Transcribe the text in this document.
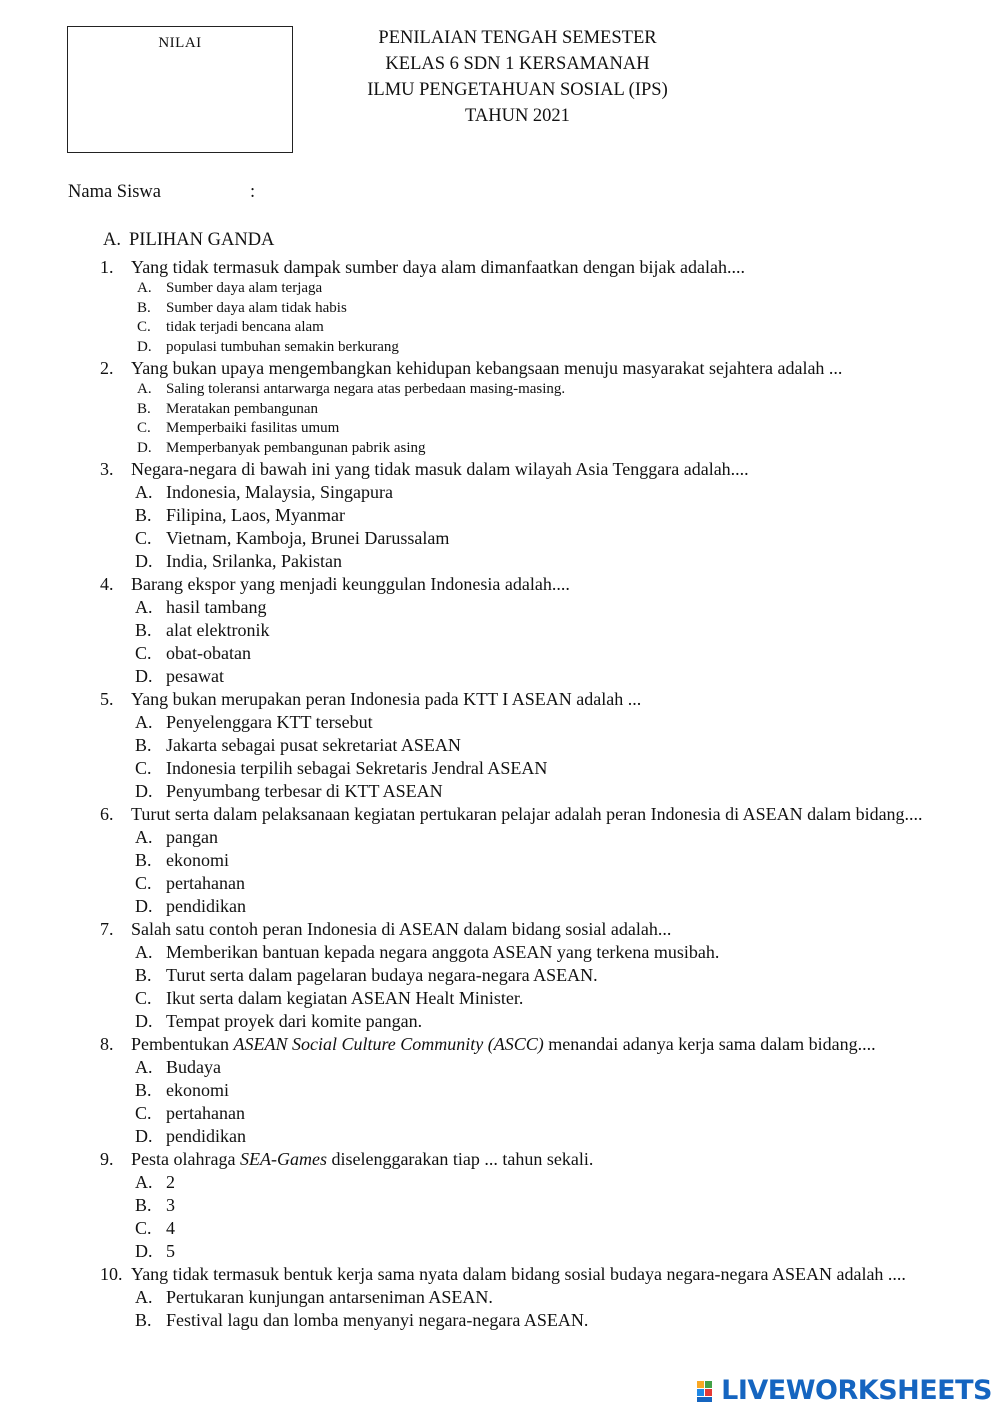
NILAI	PENILAIAN TENGAH SEMESTER
KELAS 6 SDN 1 KERSAMANAH
ILMU PENGETAHUAN SOSIAL (IPS)
TAHUN 2021
Nama Siswa	:
A. PILIHAN GANDA
1. Yang tidak termasuk dampak sumber daya alam dimanfaatkan dengan bijak adalah....
A. Sumber daya alam terjaga
B. Sumber daya alam tidak habis
C. tidak terjadi bencana alam
D. populasi tumbuhan semakin berkurang
2. Yang bukan upaya mengembangkan kehidupan kebangsaan menuju masyarakat sejahtera adalah ...
A. Saling toleransi antarwarga negara atas perbedaan masing-masing.
B. Meratakan pembangunan
C. Memperbaiki fasilitas umum
D. Memperbanyak pembangunan pabrik asing
3. Negara-negara di bawah ini yang tidak masuk dalam wilayah Asia Tenggara adalah....
A. Indonesia, Malaysia, Singapura
B. Filipina, Laos, Myanmar
C. Vietnam, Kamboja, Brunei Darussalam
D. India, Srilanka, Pakistan
4. Barang ekspor yang menjadi keunggulan Indonesia adalah....
A. hasil tambang
B. alat elektronik
C. obat-obatan
D. pesawat
5. Yang bukan merupakan peran Indonesia pada KTT I ASEAN adalah ...
A. Penyelenggara KTT tersebut
B. Jakarta sebagai pusat sekretariat ASEAN
C. Indonesia terpilih sebagai Sekretaris Jendral ASEAN
D. Penyumbang terbesar di KTT ASEAN
6. Turut serta dalam pelaksanaan kegiatan pertukaran pelajar adalah peran Indonesia di ASEAN dalam bidang....
A. pangan
B. ekonomi
C. pertahanan
D. pendidikan
7. Salah satu contoh peran Indonesia di ASEAN dalam bidang sosial adalah...
A. Memberikan bantuan kepada negara anggota ASEAN yang terkena musibah.
B. Turut serta dalam pagelaran budaya negara-negara ASEAN.
C. Ikut serta dalam kegiatan ASEAN Healt Minister.
D. Tempat proyek dari komite pangan.
8. Pembentukan ASEAN Social Culture Community (ASCC) menandai adanya kerja sama dalam bidang....
A. Budaya
B. ekonomi
C. pertahanan
D. pendidikan
9. Pesta olahraga SEA-Games diselenggarakan tiap ... tahun sekali.
A. 2
B. 3
C. 4
D. 5
10. Yang tidak termasuk bentuk kerja sama nyata dalam bidang sosial budaya negara-negara ASEAN adalah ....
A. Pertukaran kunjungan antarseniman ASEAN.
B. Festival lagu dan lomba menyanyi negara-negara ASEAN.
LIVEWORKSHEETS
